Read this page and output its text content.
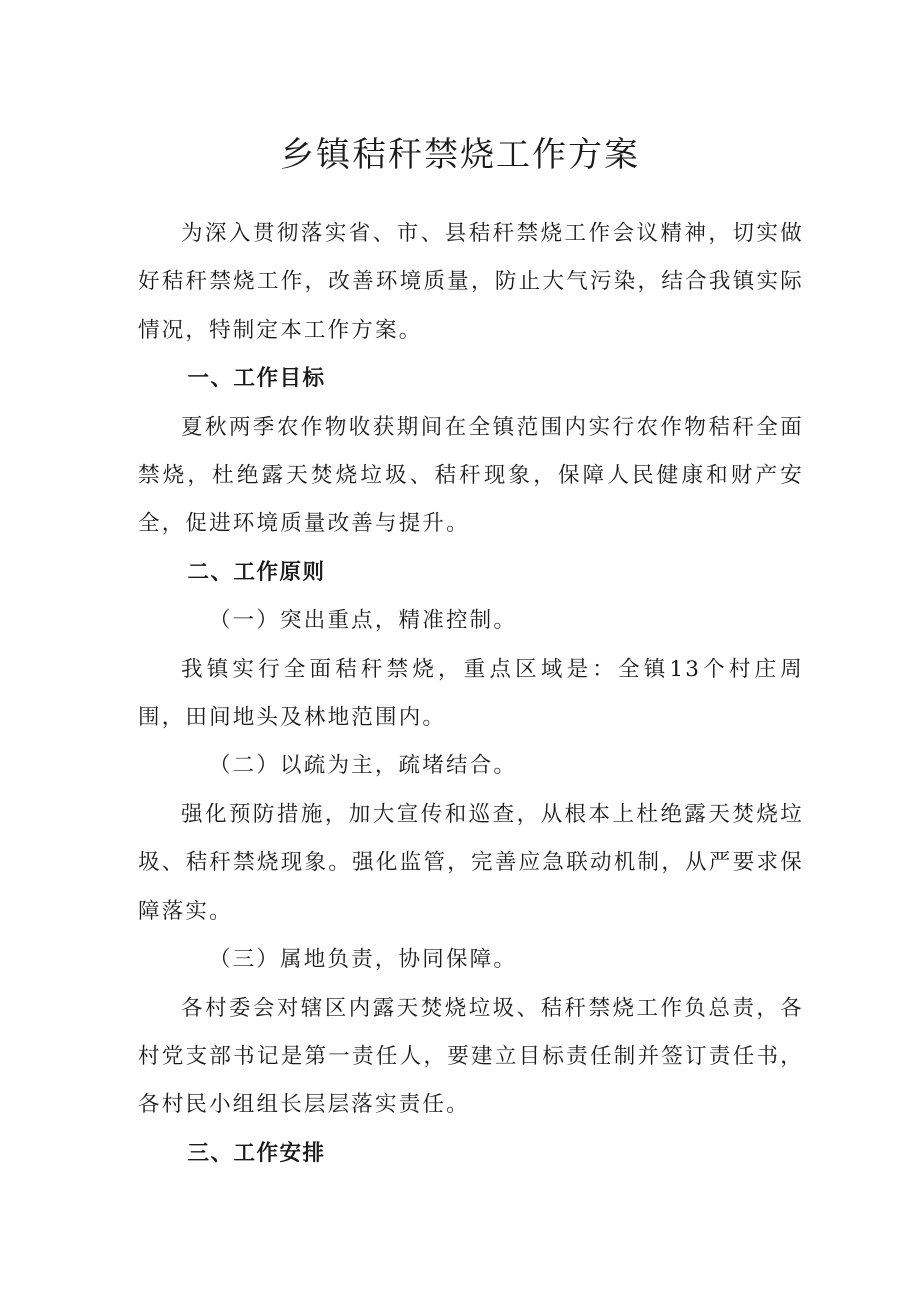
乡镇秸秆禁烧工作方案

为深入贯彻落实省、市、县秸秆禁烧工作会议精神，切实做好秸秆禁烧工作，改善环境质量，防止大气污染，结合我镇实际情况，特制定本工作方案。

一、工作目标

夏秋两季农作物收获期间在全镇范围内实行农作物秸秆全面禁烧，杜绝露天焚烧垃圾、秸秆现象，保障人民健康和财产安全，促进环境质量改善与提升。

二、工作原则

（一）突出重点，精准控制。

我镇实行全面秸秆禁烧，重点区域是：全镇13个村庄周围，田间地头及林地范围内。

（二）以疏为主，疏堵结合。

强化预防措施，加大宣传和巡查，从根本上杜绝露天焚烧垃圾、秸秆禁烧现象。强化监管，完善应急联动机制，从严要求保障落实。

（三）属地负责，协同保障。

各村委会对辖区内露天焚烧垃圾、秸秆禁烧工作负总责，各村党支部书记是第一责任人，要建立目标责任制并签订责任书，各村民小组组长层层落实责任。

三、工作安排
